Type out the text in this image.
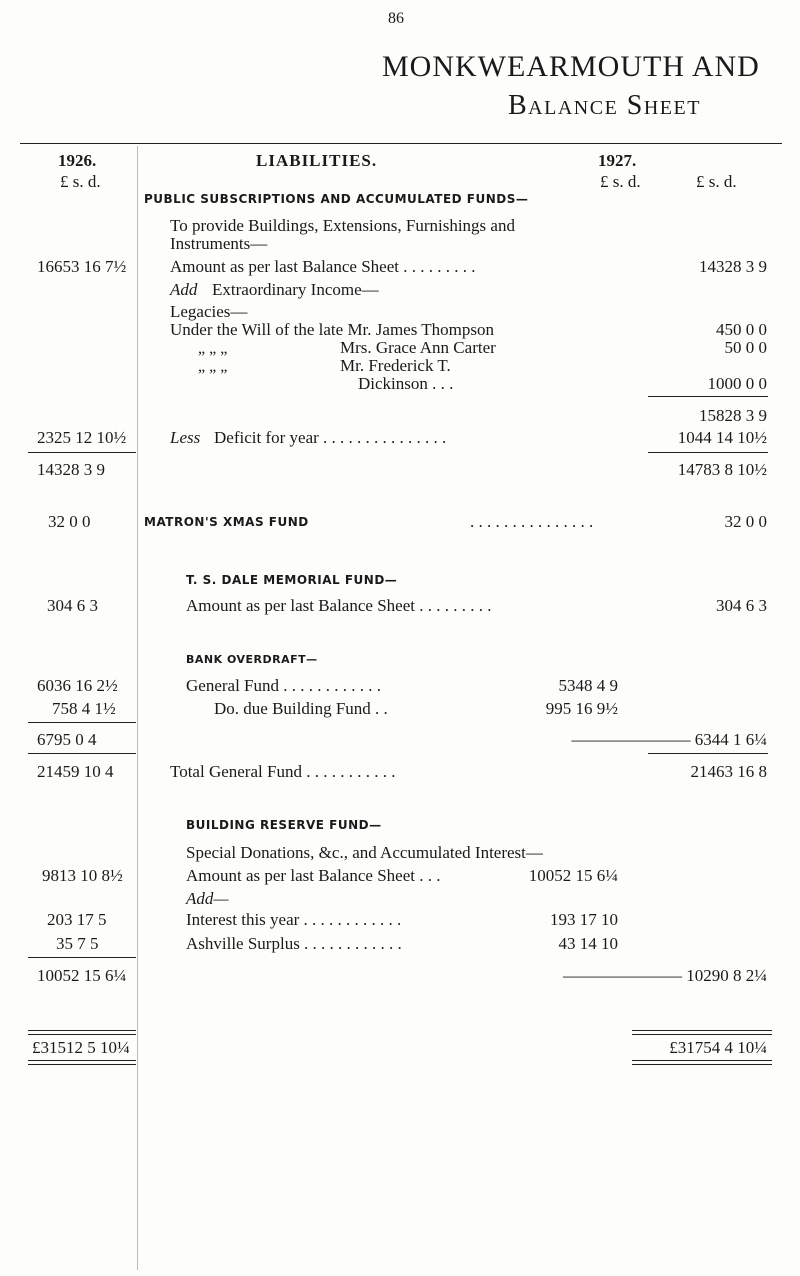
86
MONKWEARMOUTH AND
Balance Sheet
1926.	LIABILITIES.	1927.
£ s. d.	£ s. d.	£ s. d.
PUBLIC SUBSCRIPTIONS AND ACCUMULATED FUNDS—
To provide Buildings, Extensions, Furnishings and
Instruments—
16653 16 7½	Amount as per last Balance Sheet . . . . . . . . .	14328 3 9
Add Extraordinary Income—
Legacies—
Under the Will of the late Mr. James Thompson	450 0 0
„ „ „	Mrs. Grace Ann Carter	50 0 0
„ „ „	Mr. Frederick T.
Dickinson . . .	1000 0 0
15828 3 9
2325 12 10½	Less Deficit for year . . . . . . . . . . . . . . .	1044 14 10½
14328 3 9	14783 8 10½
32 0 0	MATRON'S XMAS FUND	. . . . . . . . . . . . . . .	32 0 0
T. S. DALE MEMORIAL FUND—
304 6 3	Amount as per last Balance Sheet . . . . . . . . .	304 6 3
BANK OVERDRAFT—
6036 16 2½	General Fund . . . . . . . . . . . .	5348 4 9
758 4 1½	Do. due Building Fund . .	995 16 9½
6795 0 4	——————— 6344 1 6¼
21459 10 4	Total General Fund . . . . . . . . . . .	21463 16 8
BUILDING RESERVE FUND—
Special Donations, &c., and Accumulated Interest—
9813 10 8½	Amount as per last Balance Sheet . . .	10052 15 6¼
Add—
203 17 5	Interest this year . . . . . . . . . . . .	193 17 10
35 7 5	Ashville Surplus . . . . . . . . . . . .	43 14 10
10052 15 6¼	——————— 10290 8 2¼
£31512 5 10¼	£31754 4 10¼
